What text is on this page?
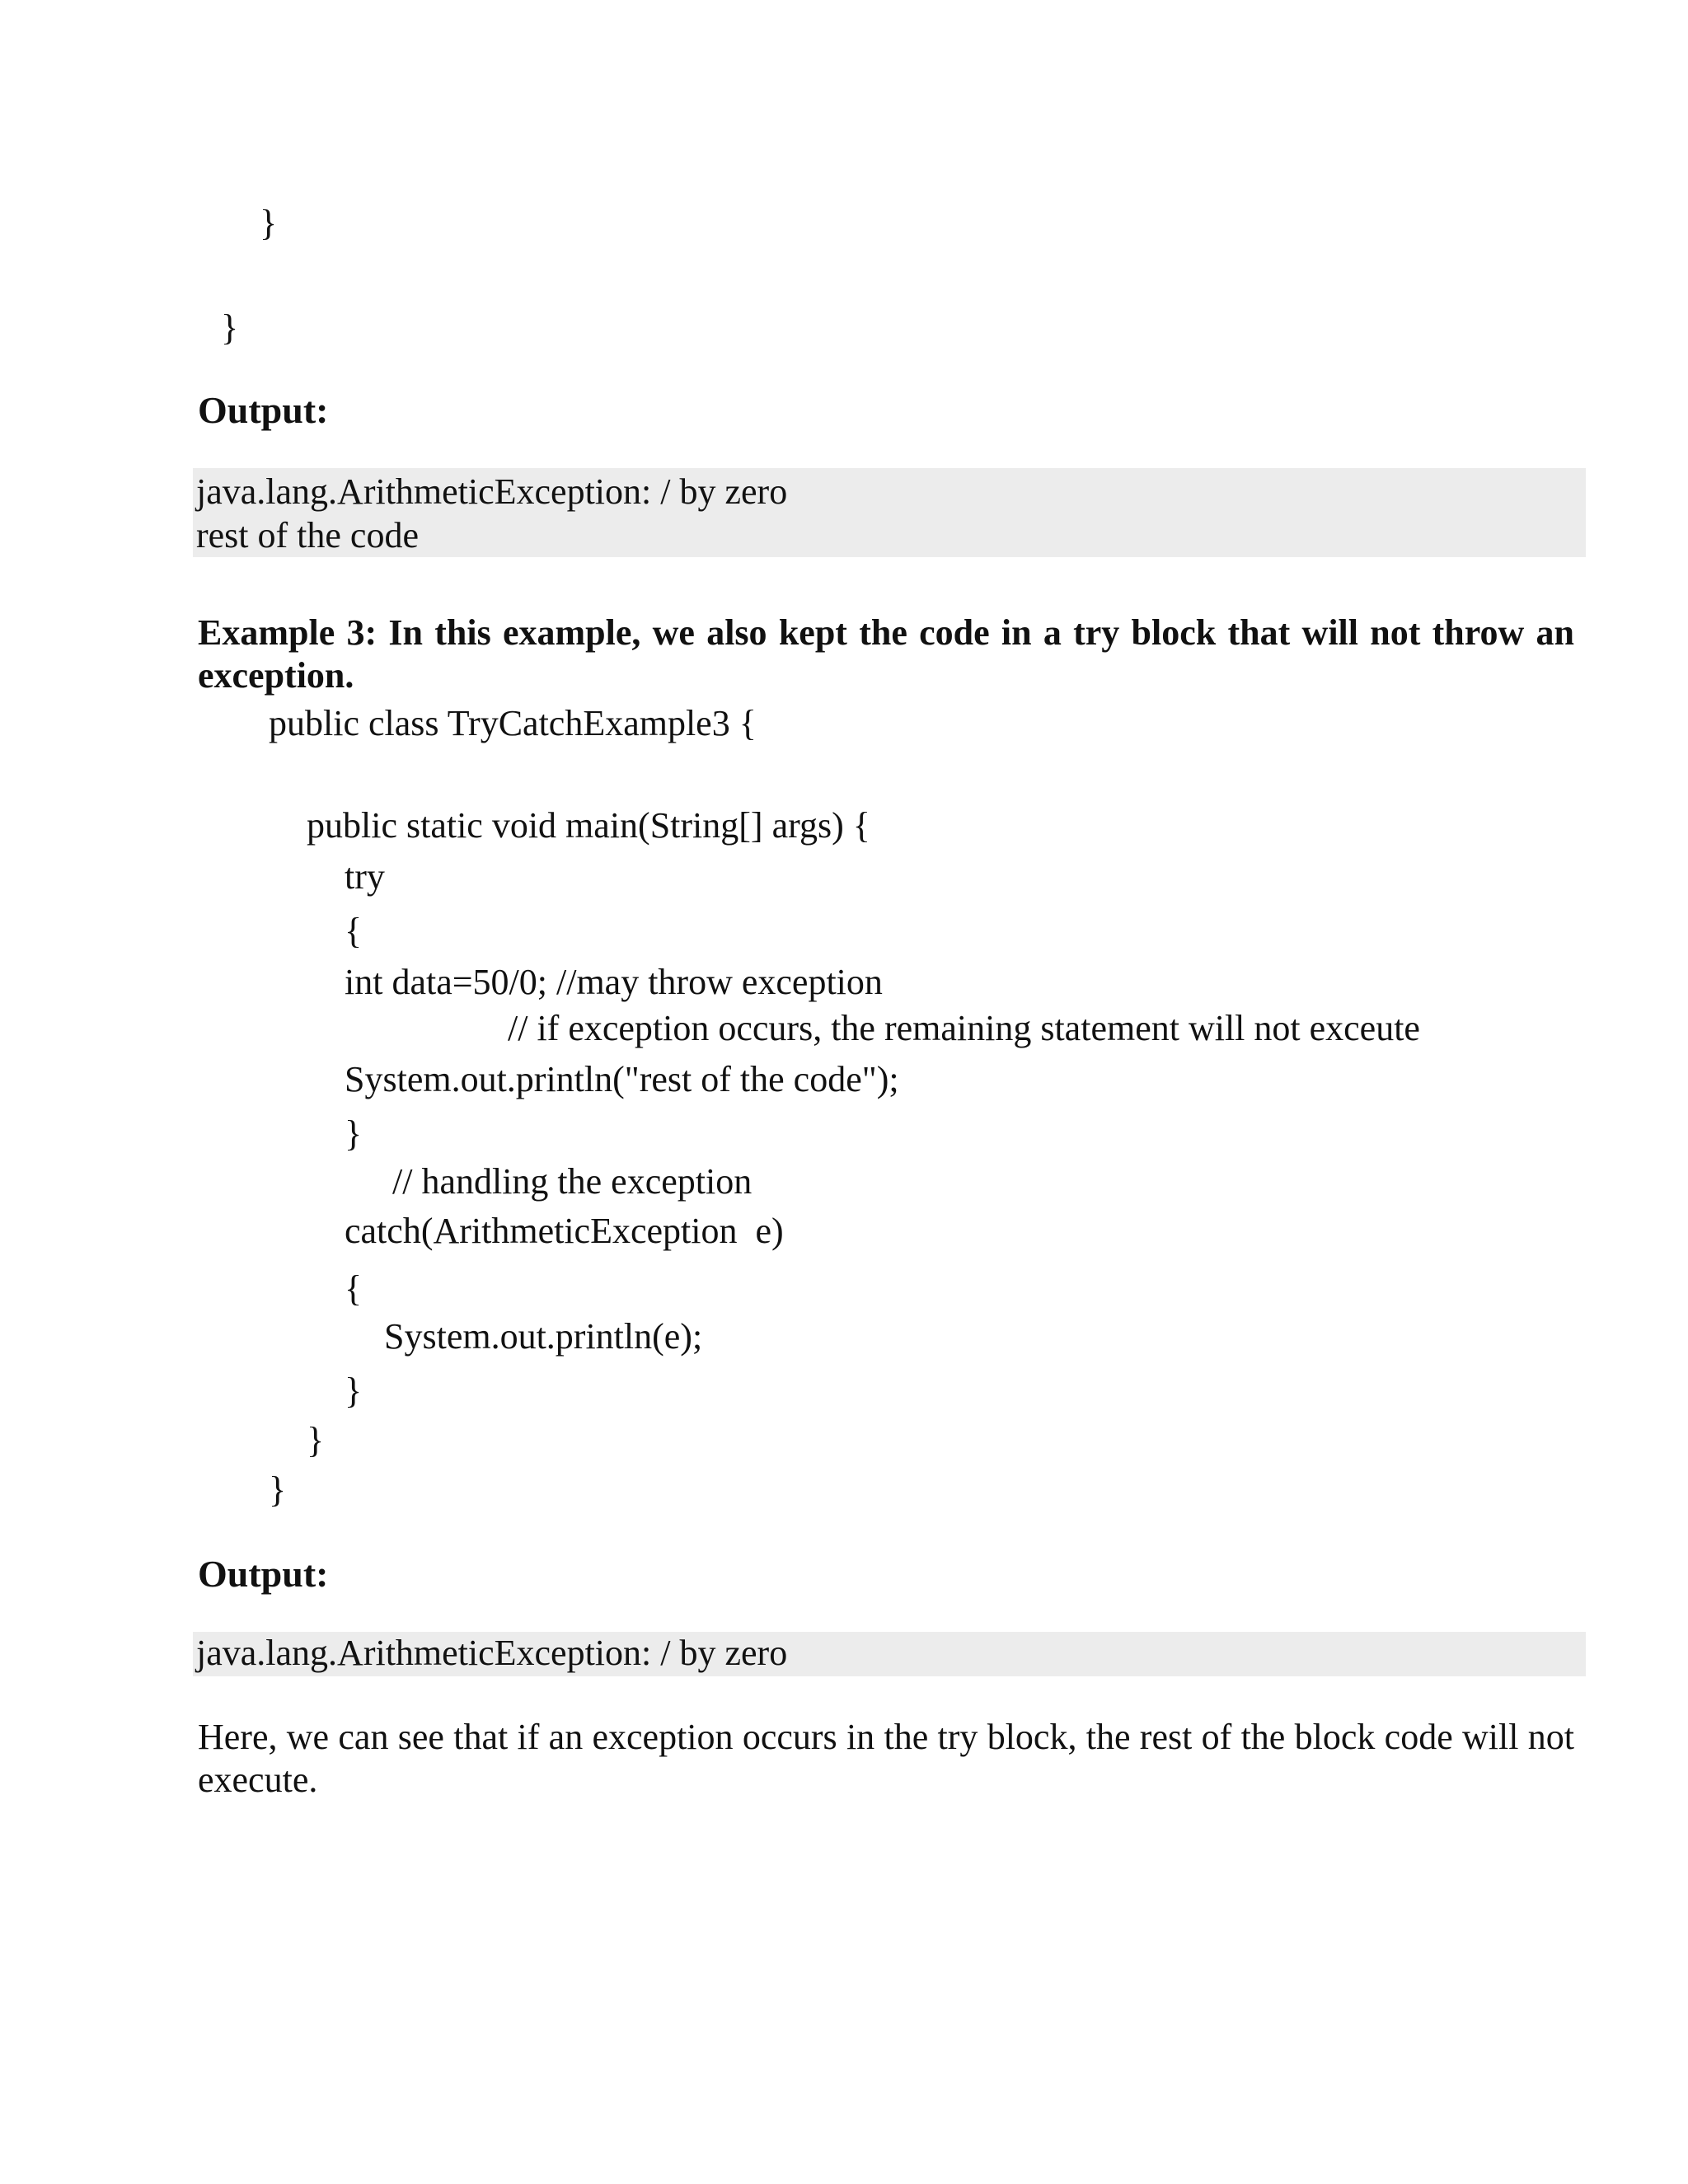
}
}
Output:
java.lang.ArithmeticException: / by zero
rest of the code
Example 3: In this example, we also kept the code in a try block that will not throw an exception.
public class TryCatchExample3 {
public static void main(String[] args) {
try
{
int data=50/0; //may throw exception
// if exception occurs, the remaining statement will not exceute
System.out.println("rest of the code");
}
// handling the exception
catch(ArithmeticException  e)
{
System.out.println(e);
}
}
}
Output:
java.lang.ArithmeticException: / by zero
Here, we can see that if an exception occurs in the try block, the rest of the block code will not execute.
